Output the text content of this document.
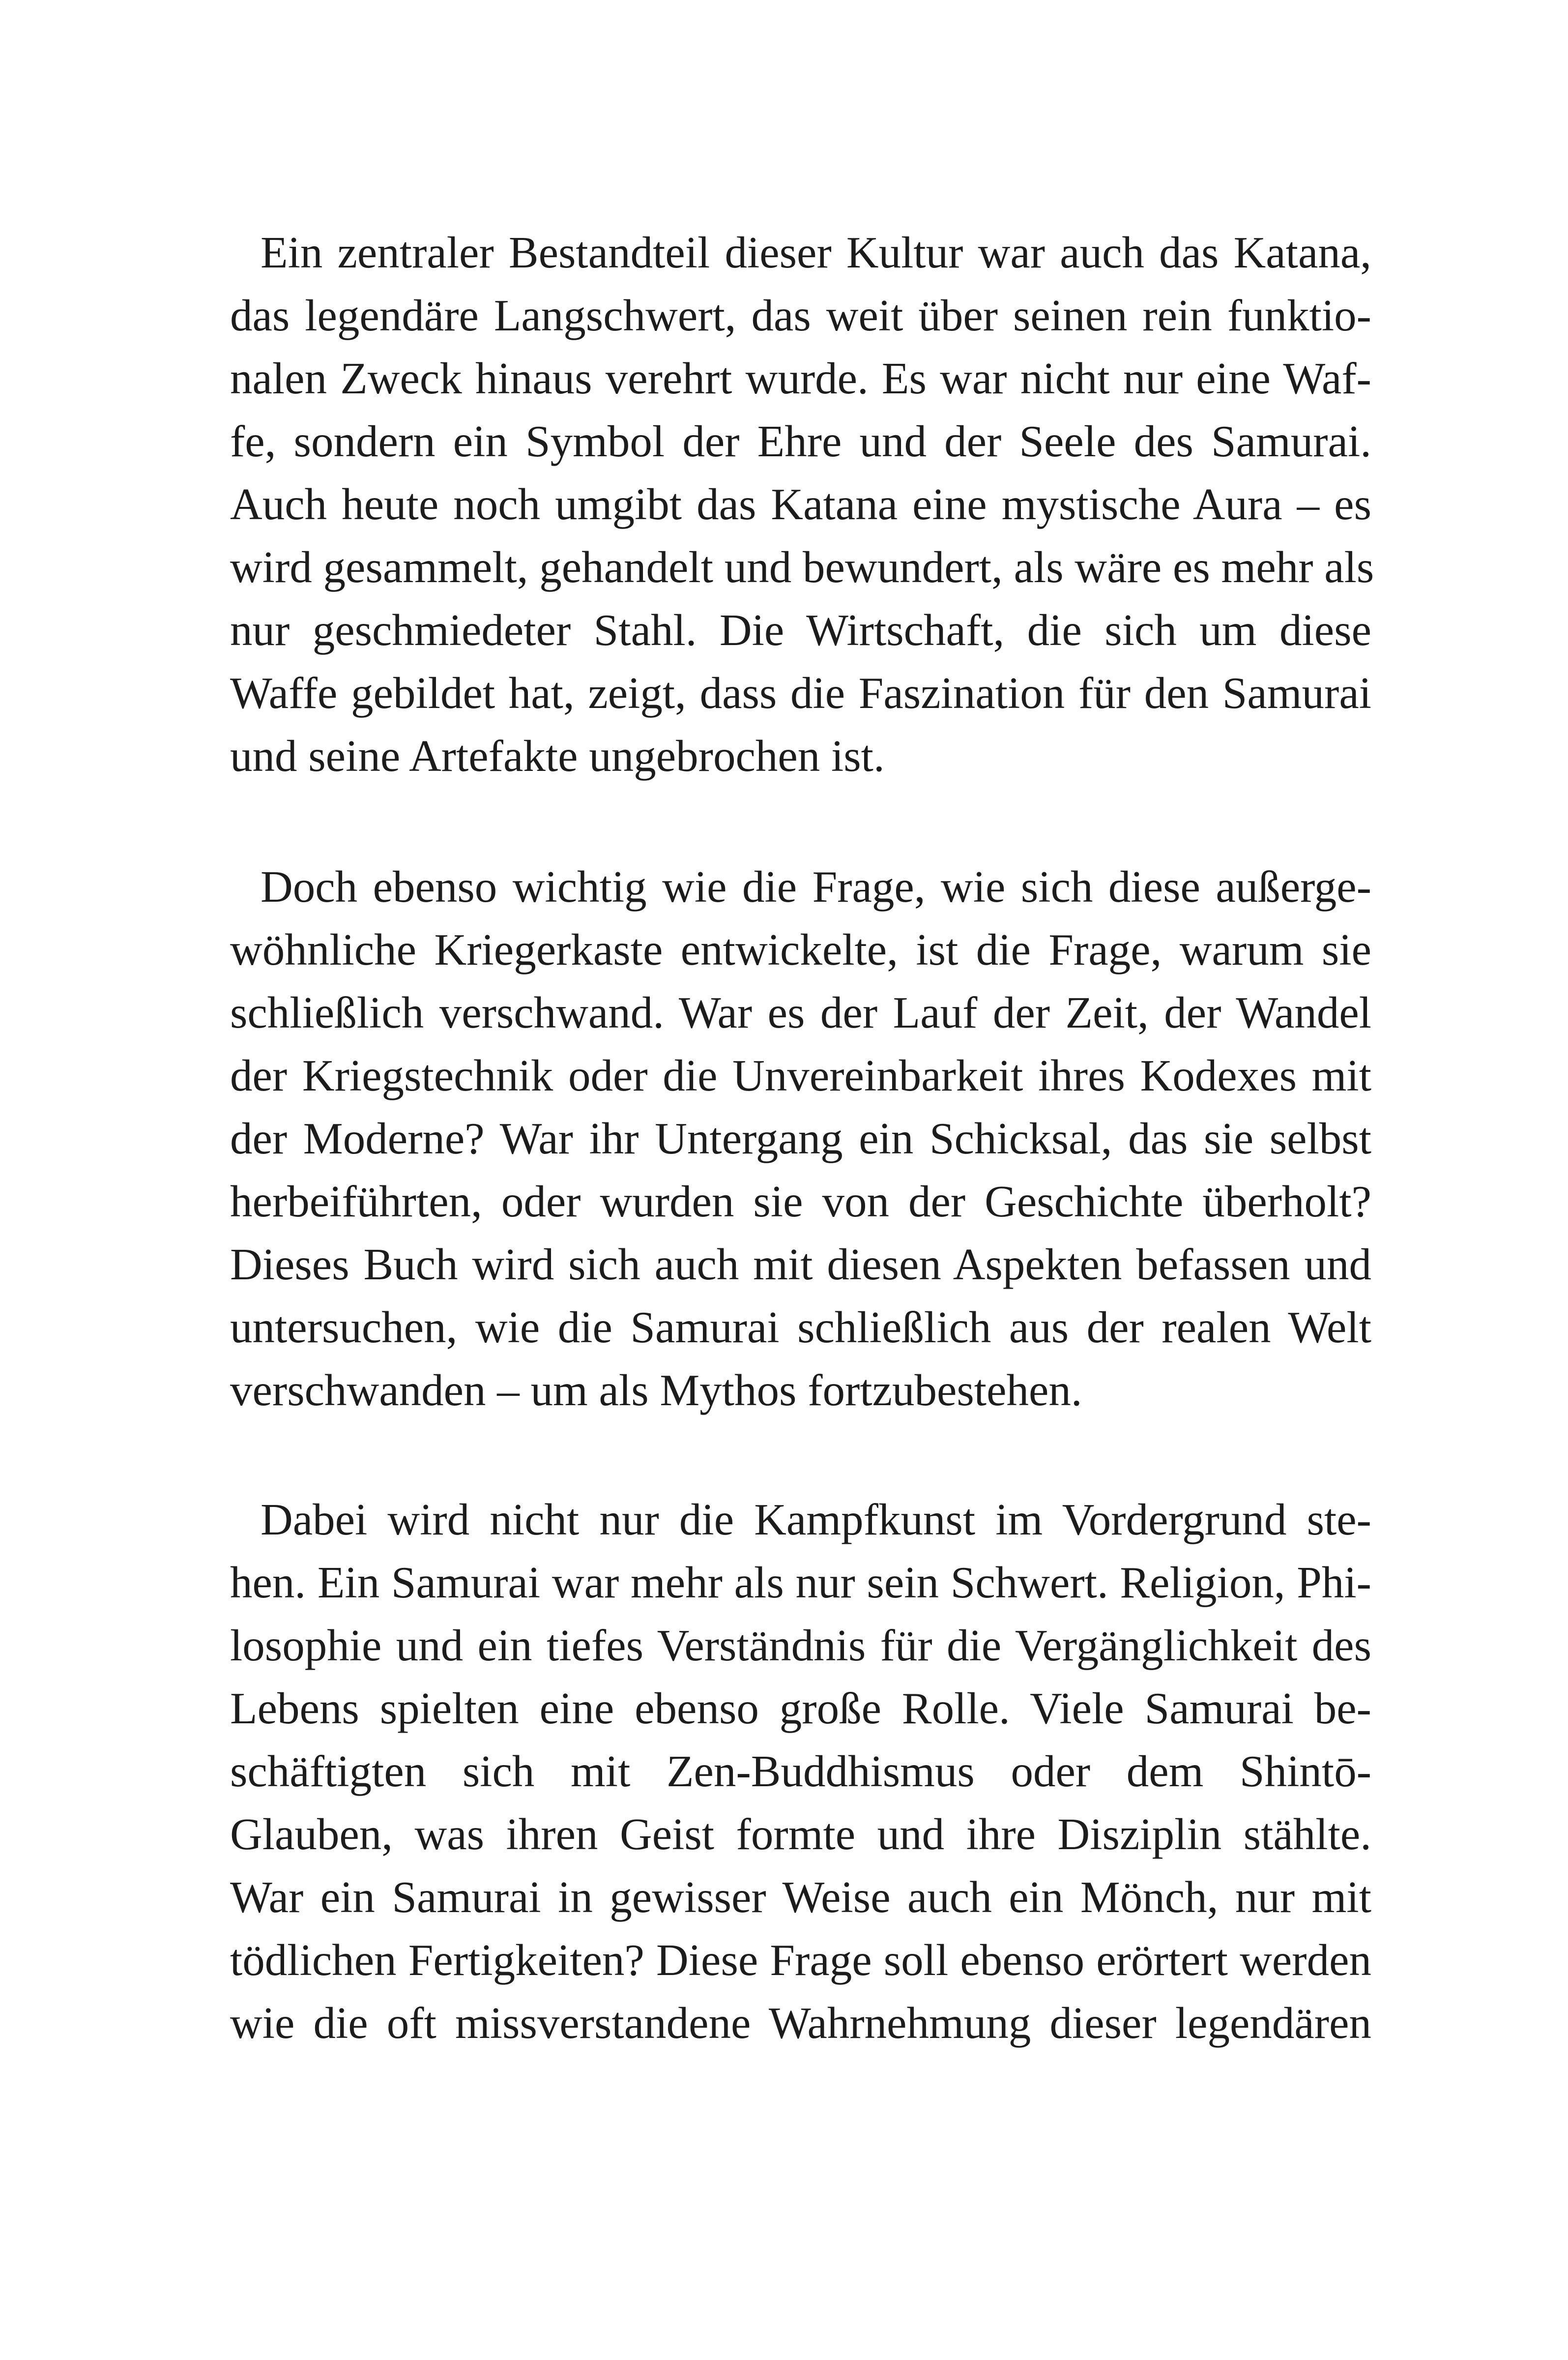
Ein zentraler Bestandteil dieser Kultur war auch das Katana,
das legendäre Langschwert, das weit über seinen rein funktio-
nalen Zweck hinaus verehrt wurde. Es war nicht nur eine Waf-
fe, sondern ein Symbol der Ehre und der Seele des Samurai.
Auch heute noch umgibt das Katana eine mystische Aura – es
wird gesammelt, gehandelt und bewundert, als wäre es mehr als
nur geschmiedeter Stahl. Die Wirtschaft, die sich um diese
Waffe gebildet hat, zeigt, dass die Faszination für den Samurai
und seine Artefakte ungebrochen ist.
Doch ebenso wichtig wie die Frage, wie sich diese außerge-
wöhnliche Kriegerkaste entwickelte, ist die Frage, warum sie
schließlich verschwand. War es der Lauf der Zeit, der Wandel
der Kriegstechnik oder die Unvereinbarkeit ihres Kodexes mit
der Moderne? War ihr Untergang ein Schicksal, das sie selbst
herbeiführten, oder wurden sie von der Geschichte überholt?
Dieses Buch wird sich auch mit diesen Aspekten befassen und
untersuchen, wie die Samurai schließlich aus der realen Welt
verschwanden – um als Mythos fortzubestehen.
Dabei wird nicht nur die Kampfkunst im Vordergrund ste-
hen. Ein Samurai war mehr als nur sein Schwert. Religion, Phi-
losophie und ein tiefes Verständnis für die Vergänglichkeit des
Lebens spielten eine ebenso große Rolle. Viele Samurai be-
schäftigten sich mit Zen-Buddhismus oder dem Shintō-
Glauben, was ihren Geist formte und ihre Disziplin stählte.
War ein Samurai in gewisser Weise auch ein Mönch, nur mit
tödlichen Fertigkeiten? Diese Frage soll ebenso erörtert werden
wie die oft missverstandene Wahrnehmung dieser legendären
